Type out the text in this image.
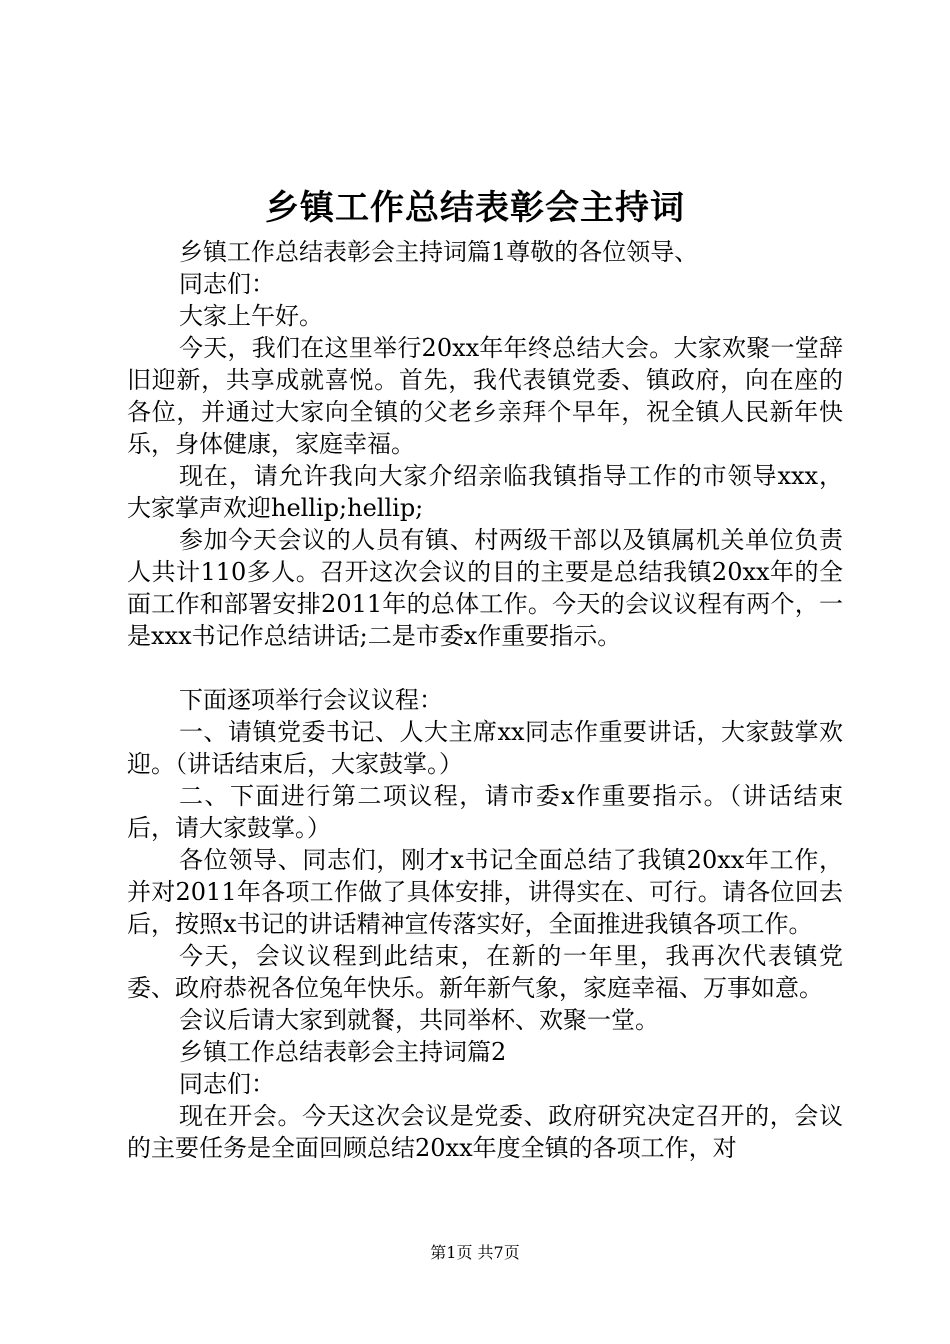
乡镇工作总结表彰会主持词

乡镇工作总结表彰会主持词篇1尊敬的各位领导、

同志们：

大家上午好。

今天，我们在这里举行20xx年年终总结大会。大家欢聚一堂辞旧迎新，共享成就喜悦。首先，我代表镇党委、镇政府，向在座的各位，并通过大家向全镇的父老乡亲拜个早年，祝全镇人民新年快乐，身体健康，家庭幸福。

现在，请允许我向大家介绍亲临我镇指导工作的市领导xxx，大家掌声欢迎hellip;hellip;

参加今天会议的人员有镇、村两级干部以及镇属机关单位负责人共计110多人。召开这次会议的目的主要是总结我镇20xx年的全面工作和部署安排2011年的总体工作。今天的会议议程有两个，一是xxx书记作总结讲话;二是市委x作重要指示。

下面逐项举行会议议程：

一、请镇党委书记、人大主席xx同志作重要讲话，大家鼓掌欢迎。（讲话结束后，大家鼓掌。）

二、下面进行第二项议程，请市委x作重要指示。（讲话结束后，请大家鼓掌。）

各位领导、同志们，刚才x书记全面总结了我镇20xx年工作，并对2011年各项工作做了具体安排，讲得实在、可行。请各位回去后，按照x书记的讲话精神宣传落实好，全面推进我镇各项工作。

今天，会议议程到此结束，在新的一年里，我再次代表镇党委、政府恭祝各位兔年快乐。新年新气象，家庭幸福、万事如意。

会议后请大家到就餐，共同举杯、欢聚一堂。

乡镇工作总结表彰会主持词篇2

同志们：

现在开会。今天这次会议是党委、政府研究决定召开的，会议的主要任务是全面回顾总结20xx年度全镇的各项工作，对

第1页 共7页
